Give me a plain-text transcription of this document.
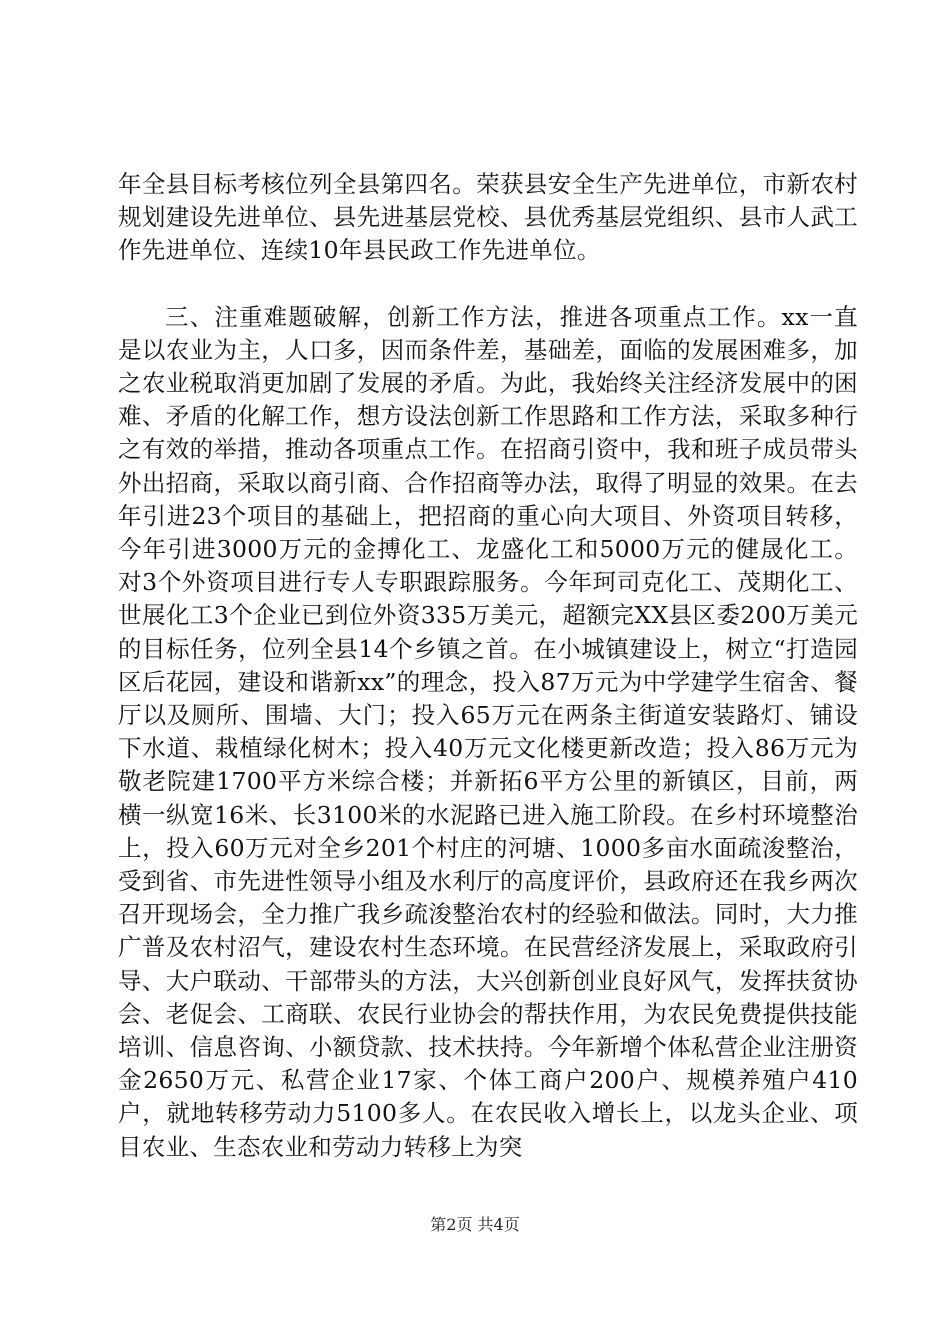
年全县目标考核位列全县第四名。荣获县安全生产先进单位，市新农村规划建设先进单位、县先进基层党校、县优秀基层党组织、县市人武工作先进单位、连续10年县民政工作先进单位。

三、注重难题破解，创新工作方法，推进各项重点工作。xx一直是以农业为主，人口多，因而条件差，基础差，面临的发展困难多，加之农业税取消更加剧了发展的矛盾。为此，我始终关注经济发展中的困难、矛盾的化解工作，想方设法创新工作思路和工作方法，采取多种行之有效的举措，推动各项重点工作。在招商引资中，我和班子成员带头外出招商，采取以商引商、合作招商等办法，取得了明显的效果。在去年引进23个项目的基础上，把招商的重心向大项目、外资项目转移，今年引进3000万元的金搏化工、龙盛化工和5000万元的健晟化工。对3个外资项目进行专人专职跟踪服务。今年珂司克化工、茂期化工、世展化工3个企业已到位外资335万美元，超额完XX县区委200万美元的目标任务，位列全县14个乡镇之首。在小城镇建设上，树立“打造园区后花园，建设和谐新xx”的理念，投入87万元为中学建学生宿舍、餐厅以及厕所、围墙、大门；投入65万元在两条主街道安装路灯、铺设下水道、栽植绿化树木；投入40万元文化楼更新改造；投入86万元为敬老院建1700平方米综合楼；并新拓6平方公里的新镇区，目前，两横一纵宽16米、长3100米的水泥路已进入施工阶段。在乡村环境整治上，投入60万元对全乡201个村庄的河塘、1000多亩水面疏浚整治，受到省、市先进性领导小组及水利厅的高度评价，县政府还在我乡两次召开现场会，全力推广我乡疏浚整治农村的经验和做法。同时，大力推广普及农村沼气，建设农村生态环境。在民营经济发展上，采取政府引导、大户联动、干部带头的方法，大兴创新创业良好风气，发挥扶贫协会、老促会、工商联、农民行业协会的帮扶作用，为农民免费提供技能培训、信息咨询、小额贷款、技术扶持。今年新增个体私营企业注册资金2650万元、私营企业17家、个体工商户200户、规模养殖户410户，就地转移劳动力5100多人。在农民收入增长上，以龙头企业、项目农业、生态农业和劳动力转移上为突

第2页 共4页
